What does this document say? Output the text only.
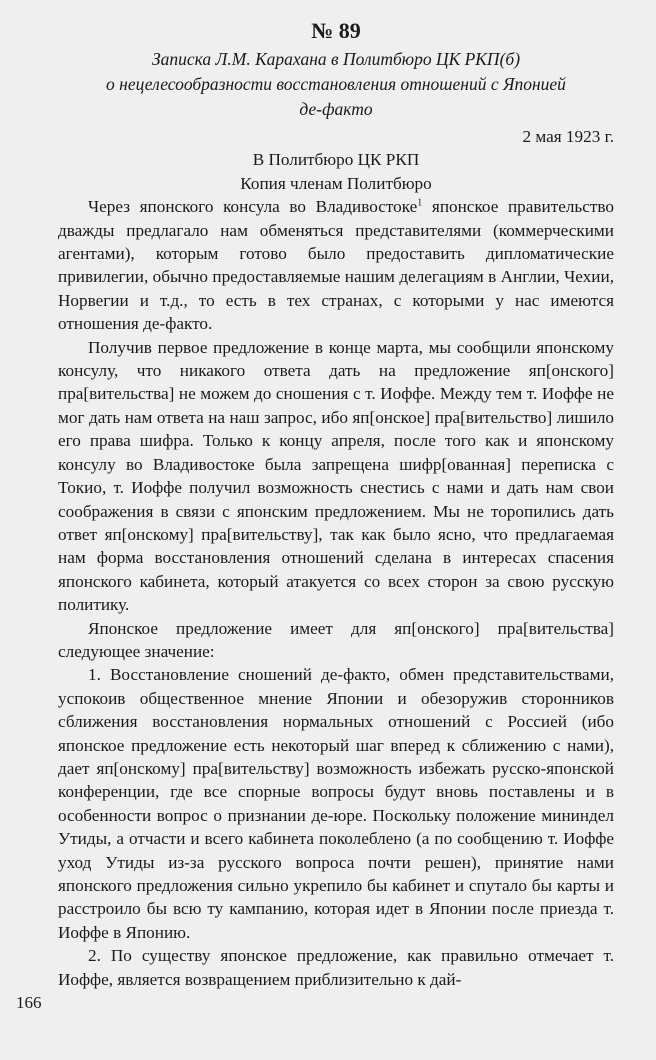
№ 89
Записка Л.М. Карахана в Политбюро ЦК РКП(б)
о нецелесообразности восстановления отношений с Японией
де-факто
2 мая 1923 г.
В Политбюро ЦК РКП
Копия членам Политбюро

Через японского консула во Владивостоке$^1$ японское правительство дважды предлагало нам обменяться представителями (коммерческими агентами), которым готово было предоставить дипломатические привилегии, обычно предоставляемые нашим делегациям в Англии, Чехии, Норвегии и т.д., то есть в тех странах, с которыми у нас имеются отношения де-факто.

Получив первое предложение в конце марта, мы сообщили японскому консулу, что никакого ответа дать на предложение яп[онского] пра[вительства] не можем до сношения с т. Иоффе. Между тем т. Иоффе не мог дать нам ответа на наш запрос, ибо яп[онское] пра[вительство] лишило его права шифра. Только к концу апреля, после того как и японскому консулу во Владивостоке была запрещена шифр[ованная] переписка с Токио, т. Иоффе получил возможность снестись с нами и дать нам свои соображения в связи с японским предложением. Мы не торопились дать ответ яп[онскому] пра[вительству], так как было ясно, что предлагаемая нам форма восстановления отношений сделана в интересах спасения японского кабинета, который атакуется со всех сторон за свою русскую политику.

Японское предложение имеет для яп[онского] пра[вительства] следующее значение:

1. Восстановление сношений де-факто, обмен представительствами, успокоив общественное мнение Японии и обезоружив сторонников сближения восстановления нормальных отношений с Россией (ибо японское предложение есть некоторый шаг вперед к сближению с нами), дает яп[онскому] пра[вительству] возможность избежать русско-японской конференции, где все спорные вопросы будут вновь поставлены и в особенности вопрос о признании де-юре. Поскольку положение мининдел Утиды, а отчасти и всего кабинета поколеблено (а по сообщению т. Иоффе уход Утиды из-за русского вопроса почти решен), принятие нами японского предложения сильно укрепило бы кабинет и спутало бы карты и расстроило бы всю ту кампанию, которая идет в Японии после приезда т. Иоффе в Японию.

2. По существу японское предложение, как правильно отмечает т. Иоффе, является возвращением приблизительно к дай-

166
